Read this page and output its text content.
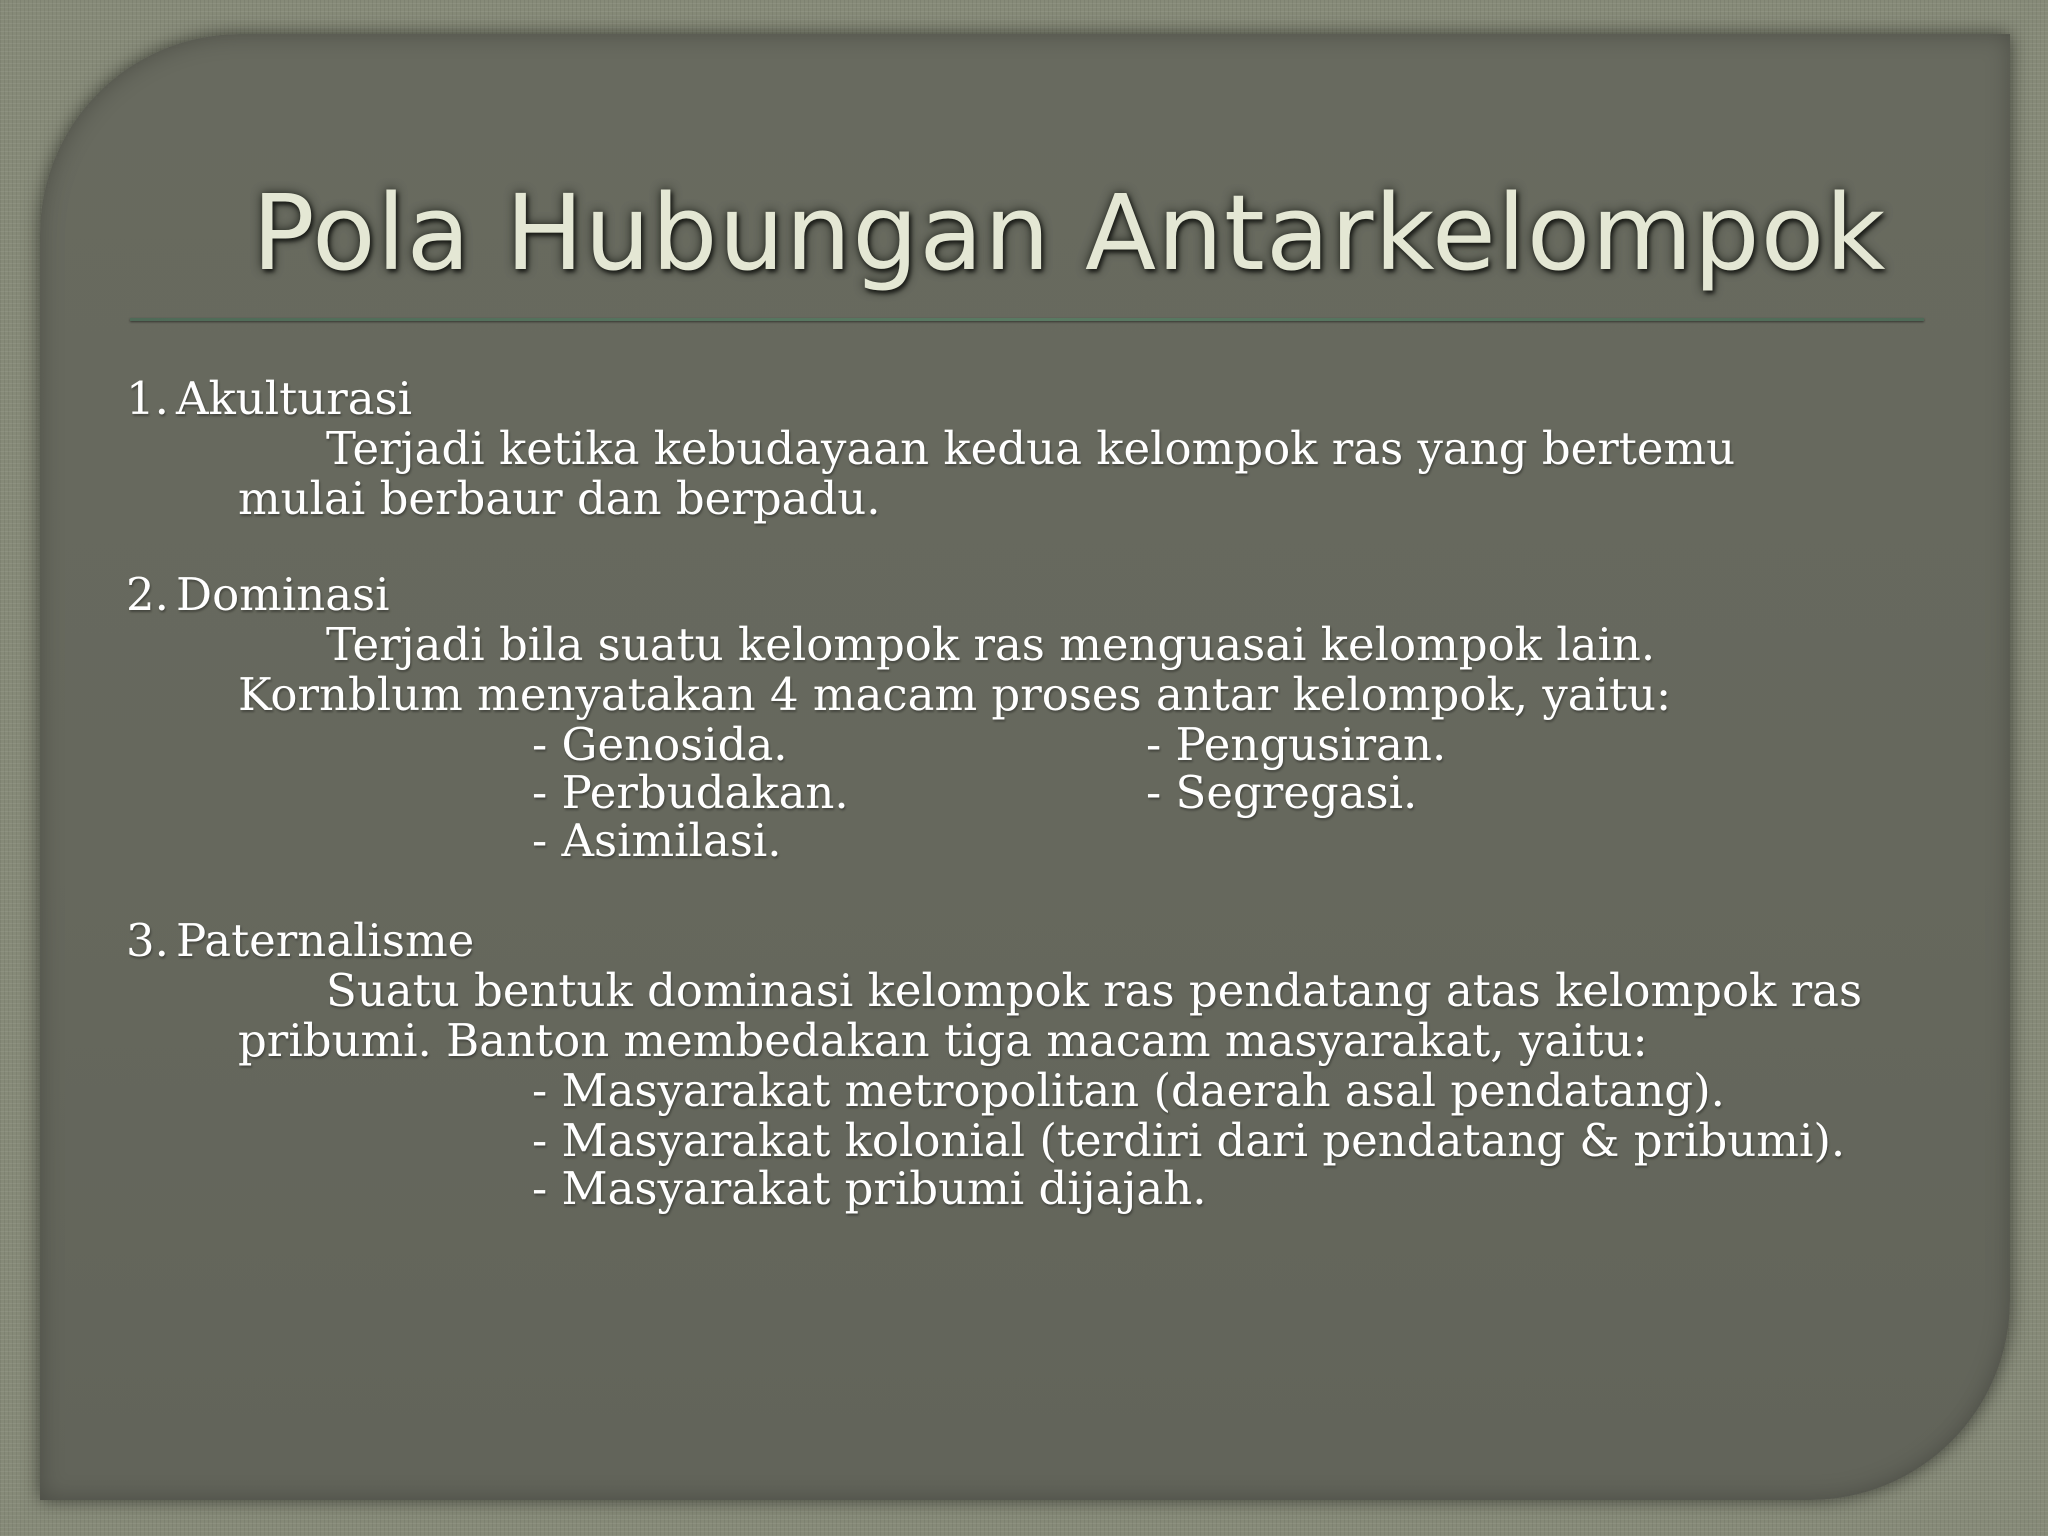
Pola Hubungan Antarkelompok
1. Akulturasi
Terjadi ketika kebudayaan kedua kelompok ras yang bertemu
mulai berbaur dan berpadu.
2. Dominasi
Terjadi bila suatu kelompok ras menguasai kelompok lain.
Kornblum menyatakan 4 macam proses antar kelompok, yaitu:
- Genosida.	- Pengusiran.
- Perbudakan.	- Segregasi.
- Asimilasi.
3. Paternalisme
Suatu bentuk dominasi kelompok ras pendatang atas kelompok ras
pribumi. Banton membedakan tiga macam masyarakat, yaitu:
- Masyarakat metropolitan (daerah asal pendatang).
- Masyarakat kolonial (terdiri dari pendatang & pribumi).
- Masyarakat pribumi dijajah.
